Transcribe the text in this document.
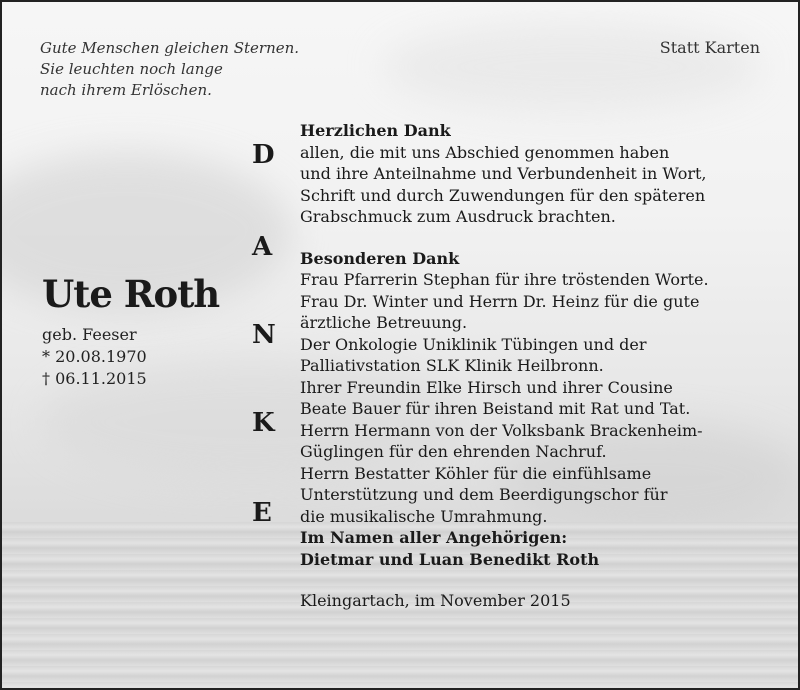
Gute Menschen gleichen Sternen.
Sie leuchten noch lange
nach ihrem Erlöschen.
Statt Karten
Ute Roth
geb. Feeser
* 20.08.1970
† 06.11.2015
D
A
N
K
E
Herzlichen Dank
allen, die mit uns Abschied genommen haben
und ihre Anteilnahme und Verbundenheit in Wort,
Schrift und durch Zuwendungen für den späteren
Grabschmuck zum Ausdruck brachten.
Besonderen Dank
Frau Pfarrerin Stephan für ihre tröstenden Worte.
Frau Dr. Winter und Herrn Dr. Heinz für die gute
ärztliche Betreuung.
Der Onkologie Uniklinik Tübingen und der
Palliativstation SLK Klinik Heilbronn.
Ihrer Freundin Elke Hirsch und ihrer Cousine
Beate Bauer für ihren Beistand mit Rat und Tat.
Herrn Hermann von der Volksbank Brackenheim-
Güglingen für den ehrenden Nachruf.
Herrn Bestatter Köhler für die einfühlsame
Unterstützung und dem Beerdigungschor für
die musikalische Umrahmung.
Im Namen aller Angehörigen:
Dietmar und Luan Benedikt Roth
Kleingartach, im November 2015
